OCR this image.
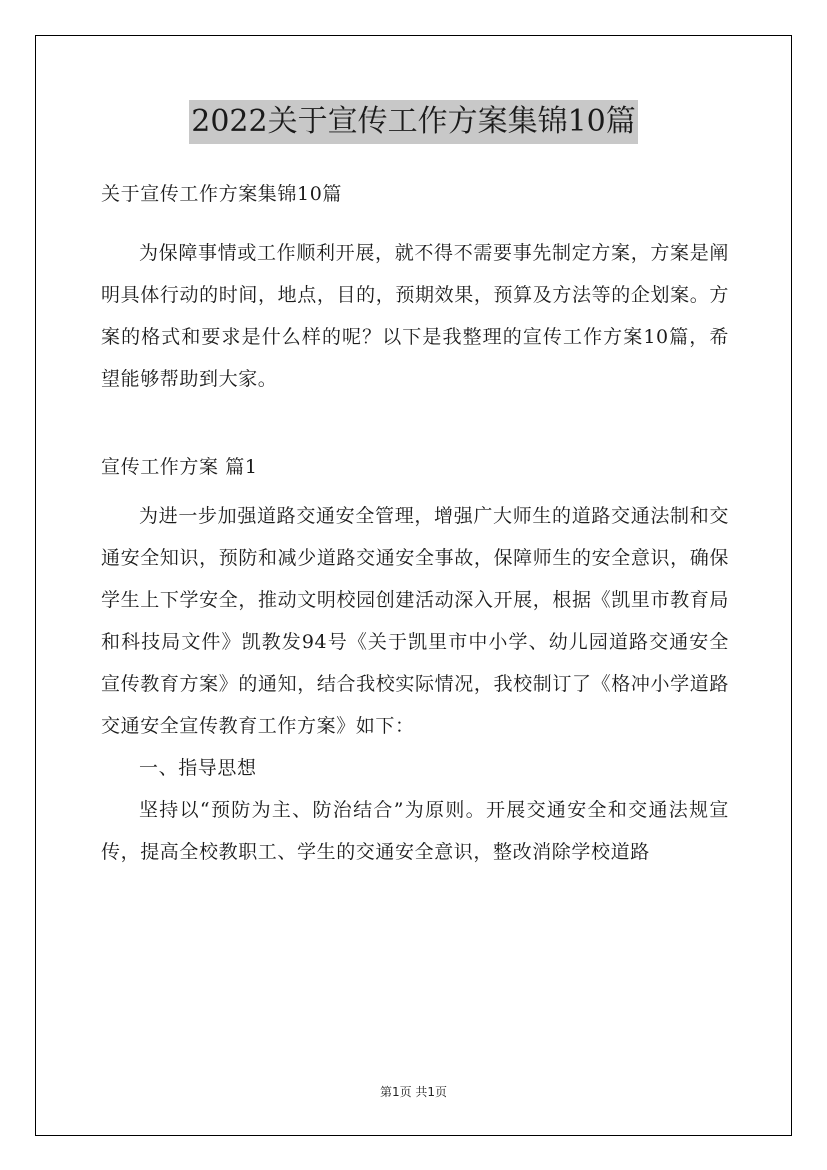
2022关于宣传工作方案集锦10篇
关于宣传工作方案集锦10篇
为保障事情或工作顺利开展，就不得不需要事先制定方案，方案是阐明具体行动的时间，地点，目的，预期效果，预算及方法等的企划案。方案的格式和要求是什么样的呢？以下是我整理的宣传工作方案10篇，希望能够帮助到大家。
宣传工作方案 篇1
为进一步加强道路交通安全管理，增强广大师生的道路交通法制和交通安全知识，预防和减少道路交通安全事故，保障师生的安全意识，确保学生上下学安全，推动文明校园创建活动深入开展，根据《凯里市教育局和科技局文件》凯教发94号《关于凯里市中小学、幼儿园道路交通安全宣传教育方案》的通知，结合我校实际情况，我校制订了《格冲小学道路交通安全宣传教育工作方案》如下：
一、指导思想
坚持以“预防为主、防治结合”为原则。开展交通安全和交通法规宣传，提高全校教职工、学生的交通安全意识，整改消除学校道路
第1页 共1页
